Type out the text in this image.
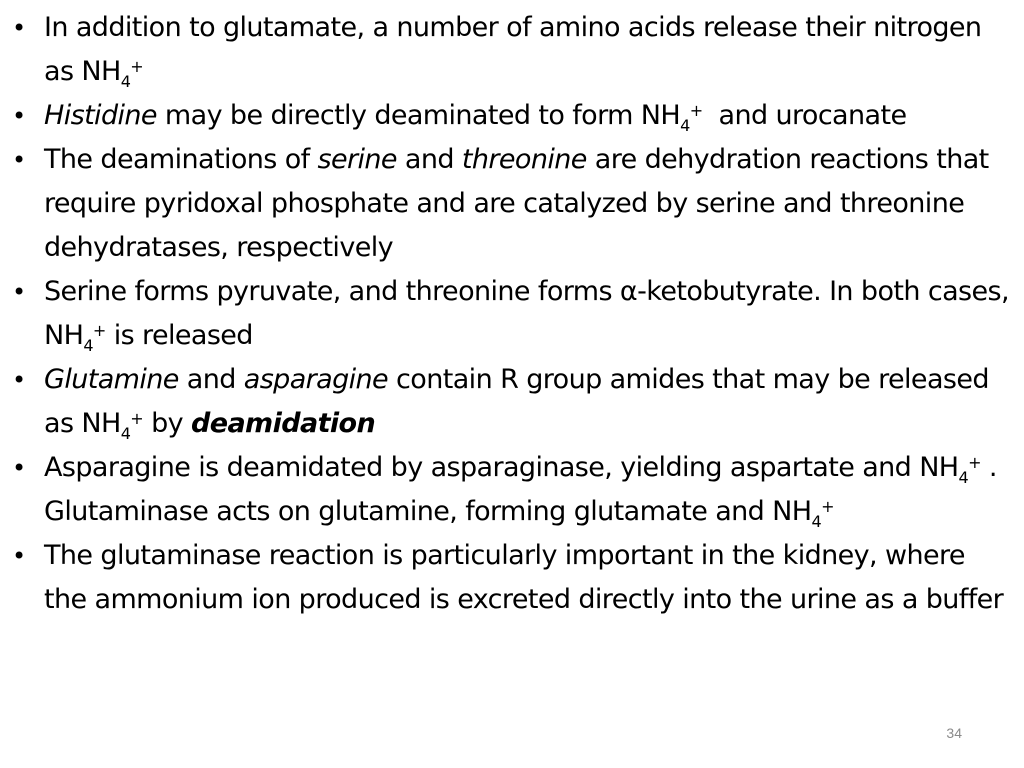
• In addition to glutamate, a number of amino acids release their nitrogen as $NH_4^+$
• Histidine may be directly deaminated to form $NH_4^+$  and urocanate
• The deaminations of serine and threonine are dehydration reactions that require pyridoxal phosphate and are catalyzed by serine and threonine dehydratases, respectively
• Serine forms pyruvate, and threonine forms α-ketobutyrate. In both cases, $NH_4^+$ is released
• Glutamine and asparagine contain R group amides that may be released as $NH_4^+$ by deamidation
• Asparagine is deamidated by asparaginase, yielding aspartate and $NH_4^+$ . Glutaminase acts on glutamine, forming glutamate and $NH_4^+$
• The glutaminase reaction is particularly important in the kidney, where the ammonium ion produced is excreted directly into the urine as a buffer
34
